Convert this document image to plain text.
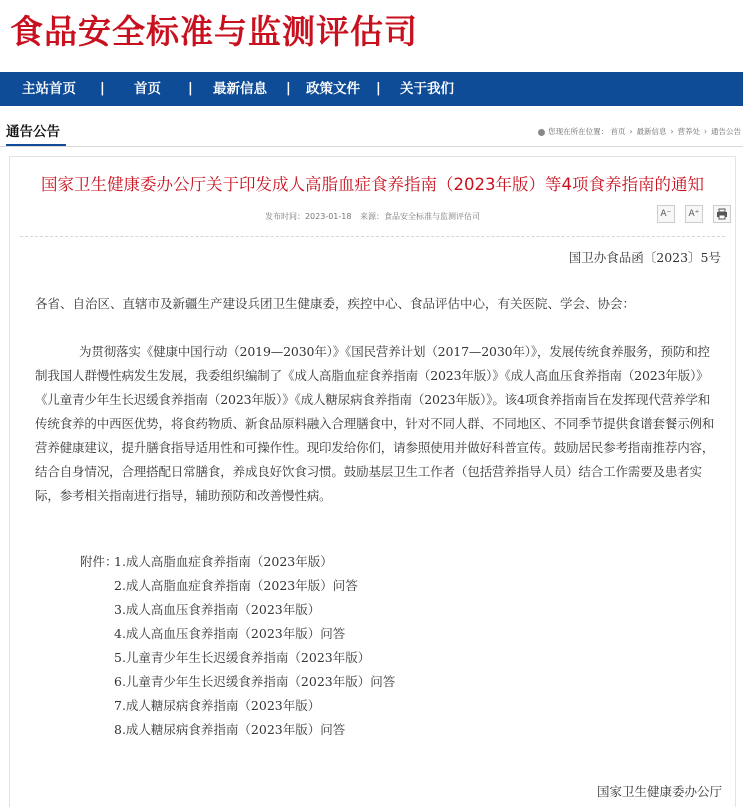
食品安全标准与监测评估司
主站首页 | 首页 | 最新信息 | 政策文件 | 关于我们
通告公告	您现在所在位置： 首页 › 最新信息 › 营养处 › 通告公告
国家卫生健康委办公厅关于印发成人高脂血症食养指南（2023年版）等4项食养指南的通知
发布时间：2023-01-18 来源：食品安全标准与监测评估司	A⁻ A⁺
国卫办食品函〔2023〕5号
各省、自治区、直辖市及新疆生产建设兵团卫生健康委，疾控中心、食品评估中心，有关医院、学会、协会：
为贯彻落实《健康中国行动（2019—2030年）》《国民营养计划（2017—2030年）》，发展传统食养服务，预防和控制我国人群慢性病发生发展，我委组织编制了《成人高脂血症食养指南（2023年版）》《成人高血压食养指南（2023年版）》《儿童青少年生长迟缓食养指南（2023年版）》《成人糖尿病食养指南（2023年版）》。该4项食养指南旨在发挥现代营养学和传统食养的中西医优势，将食药物质、新食品原料融入合理膳食中，针对不同人群、不同地区、不同季节提供食谱套餐示例和营养健康建议，提升膳食指导适用性和可操作性。现印发给你们，请参照使用并做好科普宣传。鼓励居民参考指南推荐内容，结合自身情况，合理搭配日常膳食，养成良好饮食习惯。鼓励基层卫生工作者（包括营养指导人员）结合工作需要及患者实际，参考相关指南进行指导，辅助预防和改善慢性病。
附件：
1.成人高脂血症食养指南（2023年版）
2.成人高脂血症食养指南（2023年版）问答
3.成人高血压食养指南（2023年版）
4.成人高血压食养指南（2023年版）问答
5.儿童青少年生长迟缓食养指南（2023年版）
6.儿童青少年生长迟缓食养指南（2023年版）问答
7.成人糖尿病食养指南（2023年版）
8.成人糖尿病食养指南（2023年版）问答
国家卫生健康委办公厅
